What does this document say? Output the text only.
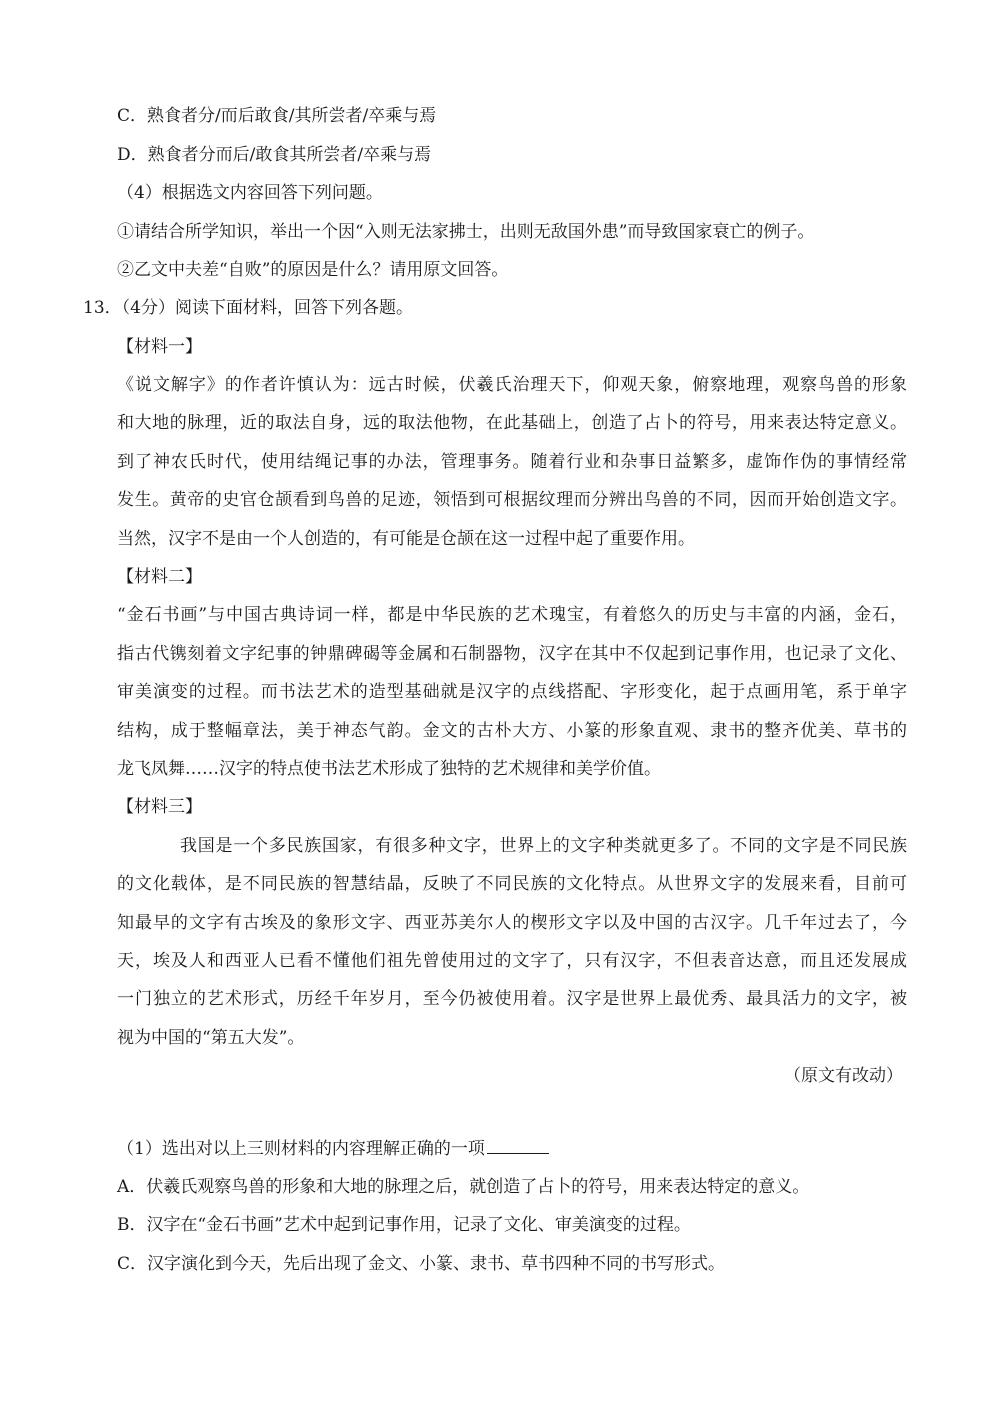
C．熟食者分/而后敢食/其所尝者/卒乘与焉
D．熟食者分而后/敢食其所尝者/卒乘与焉
（4）根据选文内容回答下列问题。
①请结合所学知识，举出一个因“入则无法家拂士，出则无敌国外患”而导致国家衰亡的例子。
②乙文中夫差“自败”的原因是什么？请用原文回答。
13．（4分）阅读下面材料，回答下列各题。
【材料一】
《说文解字》的作者许慎认为：远古时候，伏羲氏治理天下，仰观天象，俯察地理，观察鸟兽的形象
和大地的脉理，近的取法自身，远的取法他物，在此基础上，创造了占卜的符号，用来表达特定意义。
到了神农氏时代，使用结绳记事的办法，管理事务。随着行业和杂事日益繁多，虚饰作伪的事情经常
发生。黄帝的史官仓颉看到鸟兽的足迹，领悟到可根据纹理而分辨出鸟兽的不同，因而开始创造文字。
当然，汉字不是由一个人创造的，有可能是仓颉在这一过程中起了重要作用。
【材料二】
“金石书画”与中国古典诗词一样，都是中华民族的艺术瑰宝，有着悠久的历史与丰富的内涵，金石，
指古代镌刻着文字纪事的钟鼎碑碣等金属和石制器物，汉字在其中不仅起到记事作用，也记录了文化、
审美演变的过程。而书法艺术的造型基础就是汉字的点线搭配、字形变化，起于点画用笔，系于单字
结构，成于整幅章法，美于神态气韵。金文的古朴大方、小篆的形象直观、隶书的整齐优美、草书的
龙飞凤舞……汉字的特点使书法艺术形成了独特的艺术规律和美学价值。
【材料三】
我国是一个多民族国家，有很多种文字，世界上的文字种类就更多了。不同的文字是不同民族
的文化载体，是不同民族的智慧结晶，反映了不同民族的文化特点。从世界文字的发展来看，目前可
知最早的文字有古埃及的象形文字、西亚苏美尔人的楔形文字以及中国的古汉字。几千年过去了，今
天，埃及人和西亚人已看不懂他们祖先曾使用过的文字了，只有汉字，不但表音达意，而且还发展成
一门独立的艺术形式，历经千年岁月，至今仍被使用着。汉字是世界上最优秀、最具活力的文字，被
视为中国的“第五大发”。
（原文有改动）
（1）选出对以上三则材料的内容理解正确的一项
A．伏羲氏观察鸟兽的形象和大地的脉理之后，就创造了占卜的符号，用来表达特定的意义。
B．汉字在“金石书画”艺术中起到记事作用，记录了文化、审美演变的过程。
C．汉字演化到今天，先后出现了金文、小篆、隶书、草书四种不同的书写形式。
